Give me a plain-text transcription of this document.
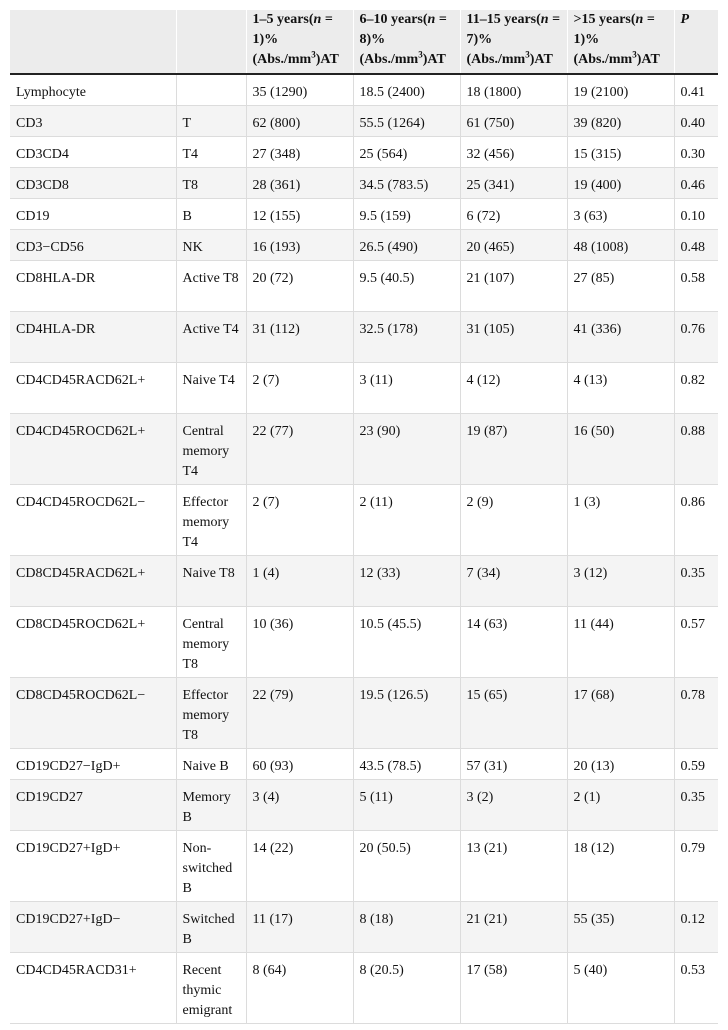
		1–5 years(n = 1)% $(Abs./mm^3)AT$	6–10 years(n = 8)% $(Abs./mm^3)AT$	11–15 years(n = 7)% $(Abs./mm^3)AT$	>15 years(n = 1)% $(Abs./mm^3)AT$	P

Lymphocyte		35 (1290)	18.5 (2400)	18 (1800)	19 (2100)	0.41

CD3	T	62 (800)	55.5 (1264)	61 (750)	39 (820)	0.40

CD3CD4	T4	27 (348)	25 (564)	32 (456)	15 (315)	0.30

CD3CD8	T8	28 (361)	34.5 (783.5)	25 (341)	19 (400)	0.46

CD19	B	12 (155)	9.5 (159)	6 (72)	3 (63)	0.10

CD3−CD56	NK	16 (193)	26.5 (490)	20 (465)	48 (1008)	0.48

CD8HLA-DR	Active T8	20 (72)	9.5 (40.5)	21 (107)	27 (85)	0.58

CD4HLA-DR	Active T4	31 (112)	32.5 (178)	31 (105)	41 (336)	0.76

CD4CD45RACD62L+	Naive T4	2 (7)	3 (11)	4 (12)	4 (13)	0.82

CD4CD45ROCD62L+	Central memory T4	22 (77)	23 (90)	19 (87)	16 (50)	0.88

CD4CD45ROCD62L−	Effector memory T4	2 (7)	2 (11)	2 (9)	1 (3)	0.86

CD8CD45RACD62L+	Naive T8	1 (4)	12 (33)	7 (34)	3 (12)	0.35

CD8CD45ROCD62L+	Central memory T8	10 (36)	10.5 (45.5)	14 (63)	11 (44)	0.57

CD8CD45ROCD62L−	Effector memory T8	22 (79)	19.5 (126.5)	15 (65)	17 (68)	0.78

CD19CD27−IgD+	Naive B	60 (93)	43.5 (78.5)	57 (31)	20 (13)	0.59

CD19CD27	Memory B	3 (4)	5 (11)	3 (2)	2 (1)	0.35

CD19CD27+IgD+	Non-switched B	14 (22)	20 (50.5)	13 (21)	18 (12)	0.79

CD19CD27+IgD−	Switched B	11 (17)	8 (18)	21 (21)	55 (35)	0.12

CD4CD45RACD31+	Recent thymic emigrant	8 (64)	8 (20.5)	17 (58)	5 (40)	0.53
